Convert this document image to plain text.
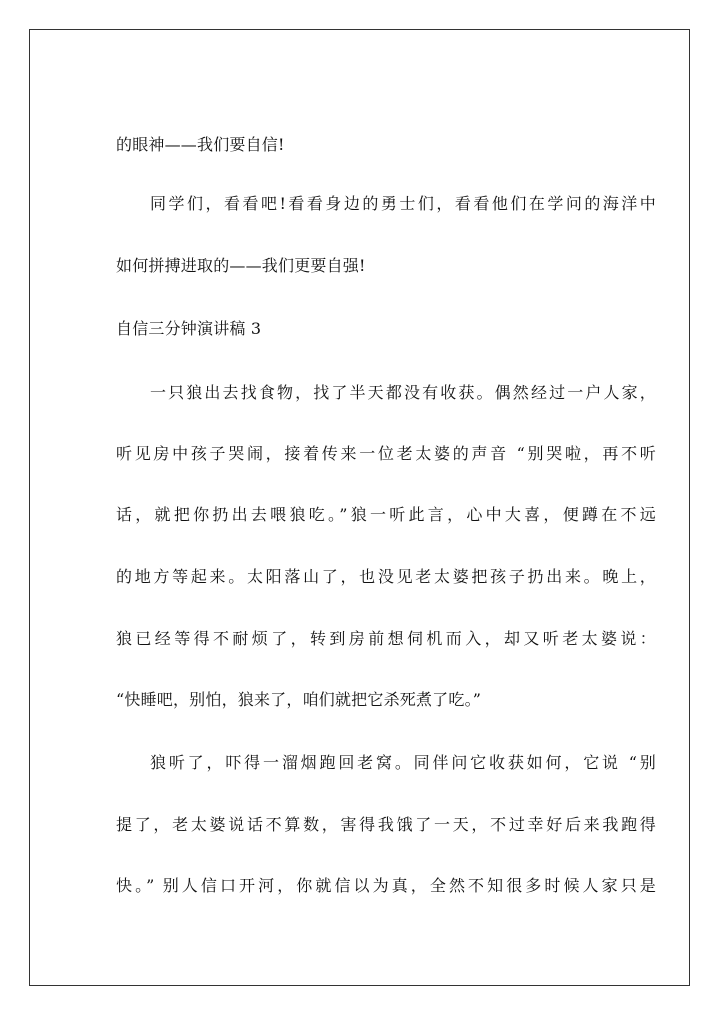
的眼神——我们要自信!
同学们，看看吧!看看身边的勇士们，看看他们在学问的海洋中
如何拼搏进取的——我们更要自强!
自信三分钟演讲稿 3
一只狼出去找食物，找了半天都没有收获。偶然经过一户人家，
听见房中孩子哭闹，接着传来一位老太婆的声音 “别哭啦，再不听
话，就把你扔出去喂狼吃。”狼一听此言，心中大喜，便蹲在不远
的地方等起来。太阳落山了，也没见老太婆把孩子扔出来。晚上，
狼已经等得不耐烦了，转到房前想伺机而入，却又听老太婆说：
“快睡吧，别怕，狼来了，咱们就把它杀死煮了吃。”
狼听了，吓得一溜烟跑回老窝。同伴问它收获如何，它说 “别
提了，老太婆说话不算数，害得我饿了一天，不过幸好后来我跑得
快。” 别人信口开河，你就信以为真，全然不知很多时候人家只是
